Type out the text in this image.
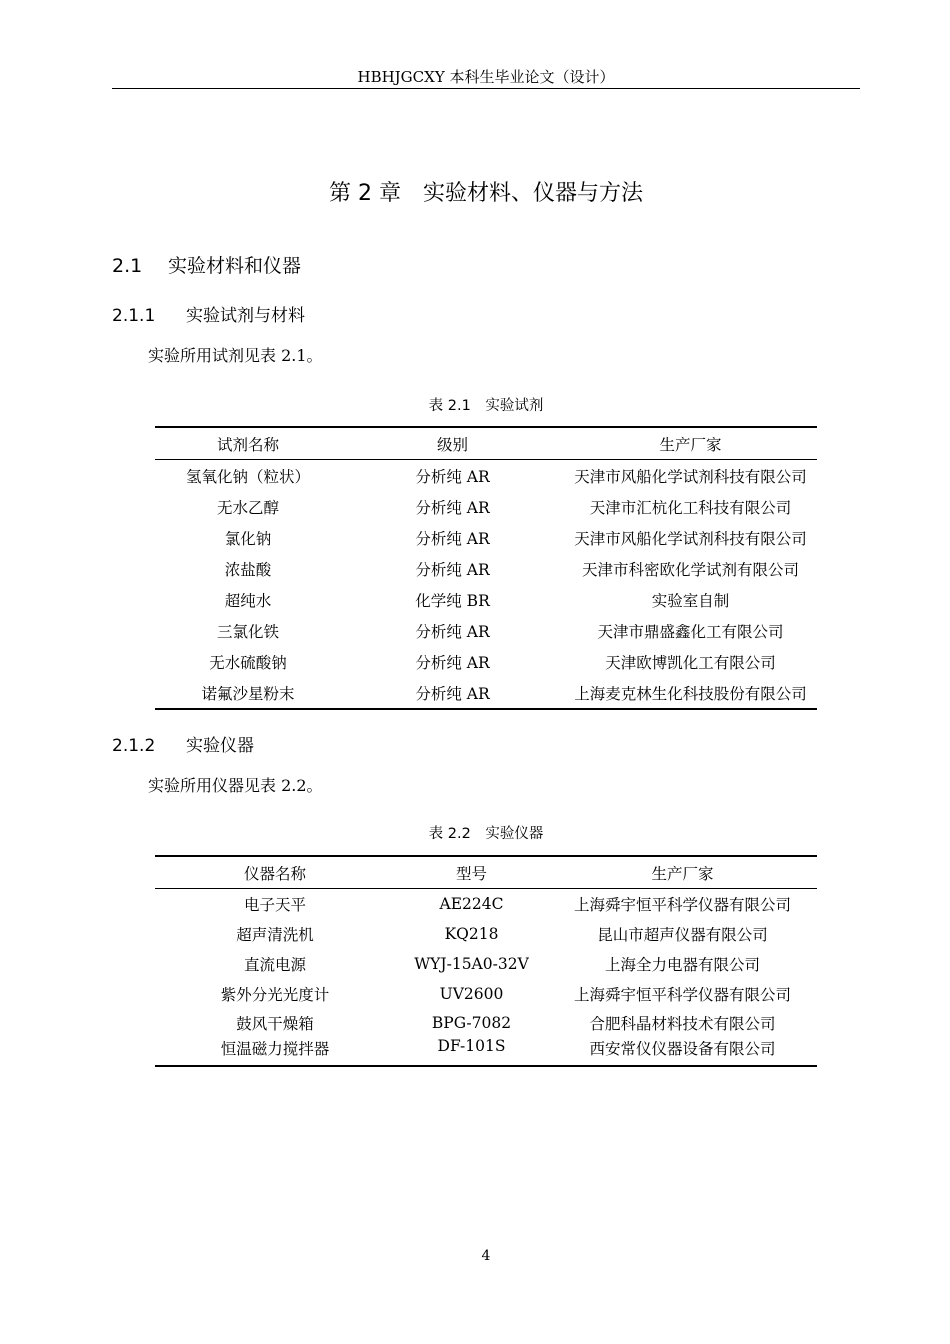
HBHJGCXY 本科生毕业论文（设计）
第 2 章　实验材料、仪器与方法
2.1 实验材料和仪器
2.1.1 实验试剂与材料
实验所用试剂见表 2.1。
表 2.1　实验试剂
试剂名称	级别	生产厂家
氢氧化钠（粒状）	分析纯 AR	天津市风船化学试剂科技有限公司
无水乙醇	分析纯 AR	天津市汇杭化工科技有限公司
氯化钠	分析纯 AR	天津市风船化学试剂科技有限公司
浓盐酸	分析纯 AR	天津市科密欧化学试剂有限公司
超纯水	化学纯 BR	实验室自制
三氯化铁	分析纯 AR	天津市鼎盛鑫化工有限公司
无水硫酸钠	分析纯 AR	天津欧博凯化工有限公司
诺氟沙星粉末	分析纯 AR	上海麦克林生化科技股份有限公司
2.1.2 实验仪器
实验所用仪器见表 2.2。
表 2.2　实验仪器
仪器名称	型号	生产厂家
电子天平	AE224C	上海舜宇恒平科学仪器有限公司
超声清洗机	KQ218	昆山市超声仪器有限公司
直流电源	WYJ-15A0-32V	上海全力电器有限公司
紫外分光光度计	UV2600	上海舜宇恒平科学仪器有限公司
鼓风干燥箱	BPG-7082	合肥科晶材料技术有限公司
恒温磁力搅拌器	DF-101S	西安常仪仪器设备有限公司
4
